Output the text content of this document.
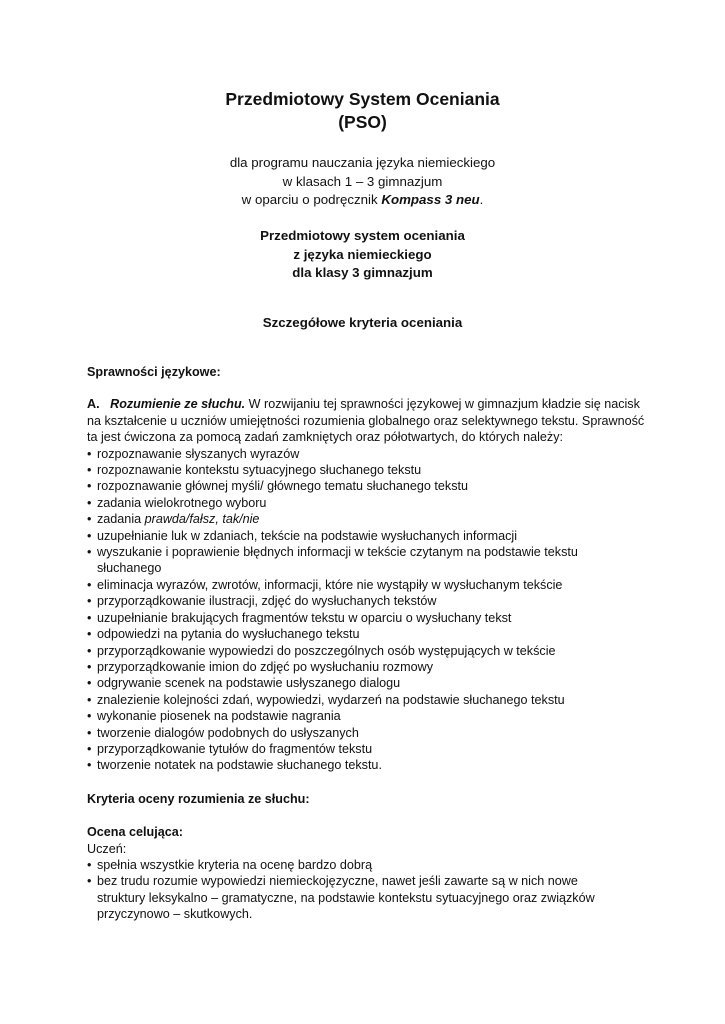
Przedmiotowy System Oceniania
(PSO)
dla programu nauczania języka niemieckiego
w klasach 1 – 3 gimnazjum
w oparciu o podręcznik Kompass 3 neu.
Przedmiotowy system oceniania
z języka niemieckiego
dla klasy 3 gimnazjum
Szczegółowe kryteria oceniania

Sprawności językowe:

A. Rozumienie ze słuchu. W rozwijaniu tej sprawności językowej w gimnazjum kładzie się nacisk na kształcenie u uczniów umiejętności rozumienia globalnego oraz selektywnego tekstu. Sprawność ta jest ćwiczona za pomocą zadań zamkniętych oraz półotwartych, do których należy:

• rozpoznawanie słyszanych wyrazów
• rozpoznawanie kontekstu sytuacyjnego słuchanego tekstu
• rozpoznawanie głównej myśli/ głównego tematu słuchanego tekstu
• zadania wielokrotnego wyboru
• zadania prawda/fałsz, tak/nie
• uzupełnianie luk w zdaniach, tekście na podstawie wysłuchanych informacji
• wyszukanie i poprawienie błędnych informacji w tekście czytanym na podstawie tekstu
słuchanego
• eliminacja wyrazów, zwrotów, informacji, które nie wystąpiły w wysłuchanym tekście
• przyporządkowanie ilustracji, zdjęć do wysłuchanych tekstów
• uzupełnianie brakujących fragmentów tekstu w oparciu o wysłuchany tekst
• odpowiedzi na pytania do wysłuchanego tekstu
• przyporządkowanie wypowiedzi do poszczególnych osób występujących w tekście
• przyporządkowanie imion do zdjęć po wysłuchaniu rozmowy
• odgrywanie scenek na podstawie usłyszanego dialogu
• znalezienie kolejności zdań, wypowiedzi, wydarzeń na podstawie słuchanego tekstu
• wykonanie piosenek na podstawie nagrania
• tworzenie dialogów podobnych do usłyszanych
• przyporządkowanie tytułów do fragmentów tekstu
• tworzenie notatek na podstawie słuchanego tekstu.

Kryteria oceny rozumienia ze słuchu:

Ocena celująca:

Uczeń:

• spełnia wszystkie kryteria na ocenę bardzo dobrą
• bez trudu rozumie wypowiedzi niemieckojęzyczne, nawet jeśli zawarte są w nich nowe
struktury leksykalno – gramatyczne, na podstawie kontekstu sytuacyjnego oraz związków
przyczynowo – skutkowych.
